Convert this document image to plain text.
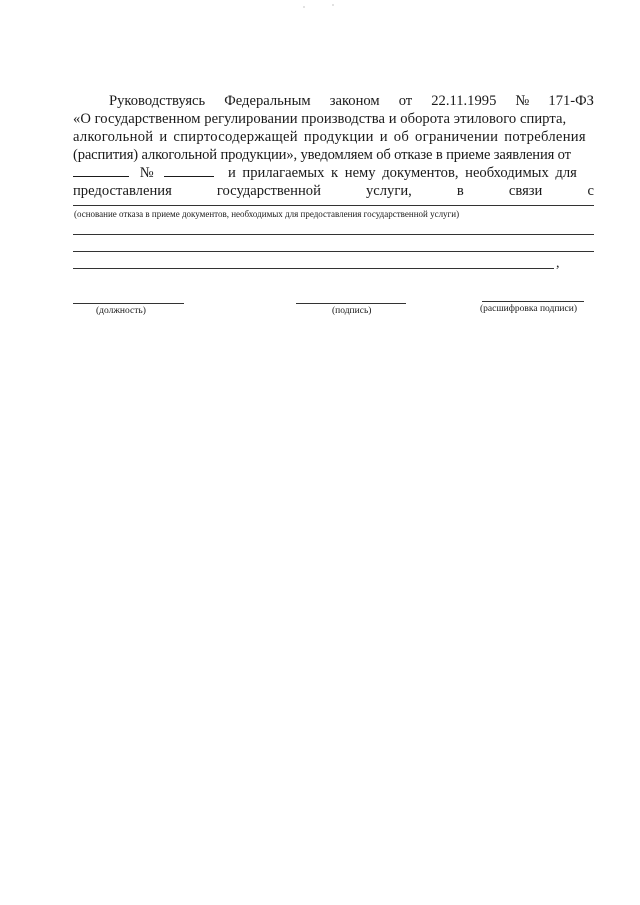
Руководствуясь Федеральным законом от 22.11.1995 № 171-ФЗ
«О государственном регулировании производства и оборота этилового спирта,
алкогольной и спиртосодержащей продукции и об ограничении потребления
(распития) алкогольной продукции», уведомляем об отказе в приеме заявления от
№	и прилагаемых к нему документов, необходимых для
предоставления	государственной	услуги,	в	связи	с
(основание отказа в приеме документов, необходимых для предоставления государственной услуги)
,
(должность)	(подпись)	(расшифровка подписи)
